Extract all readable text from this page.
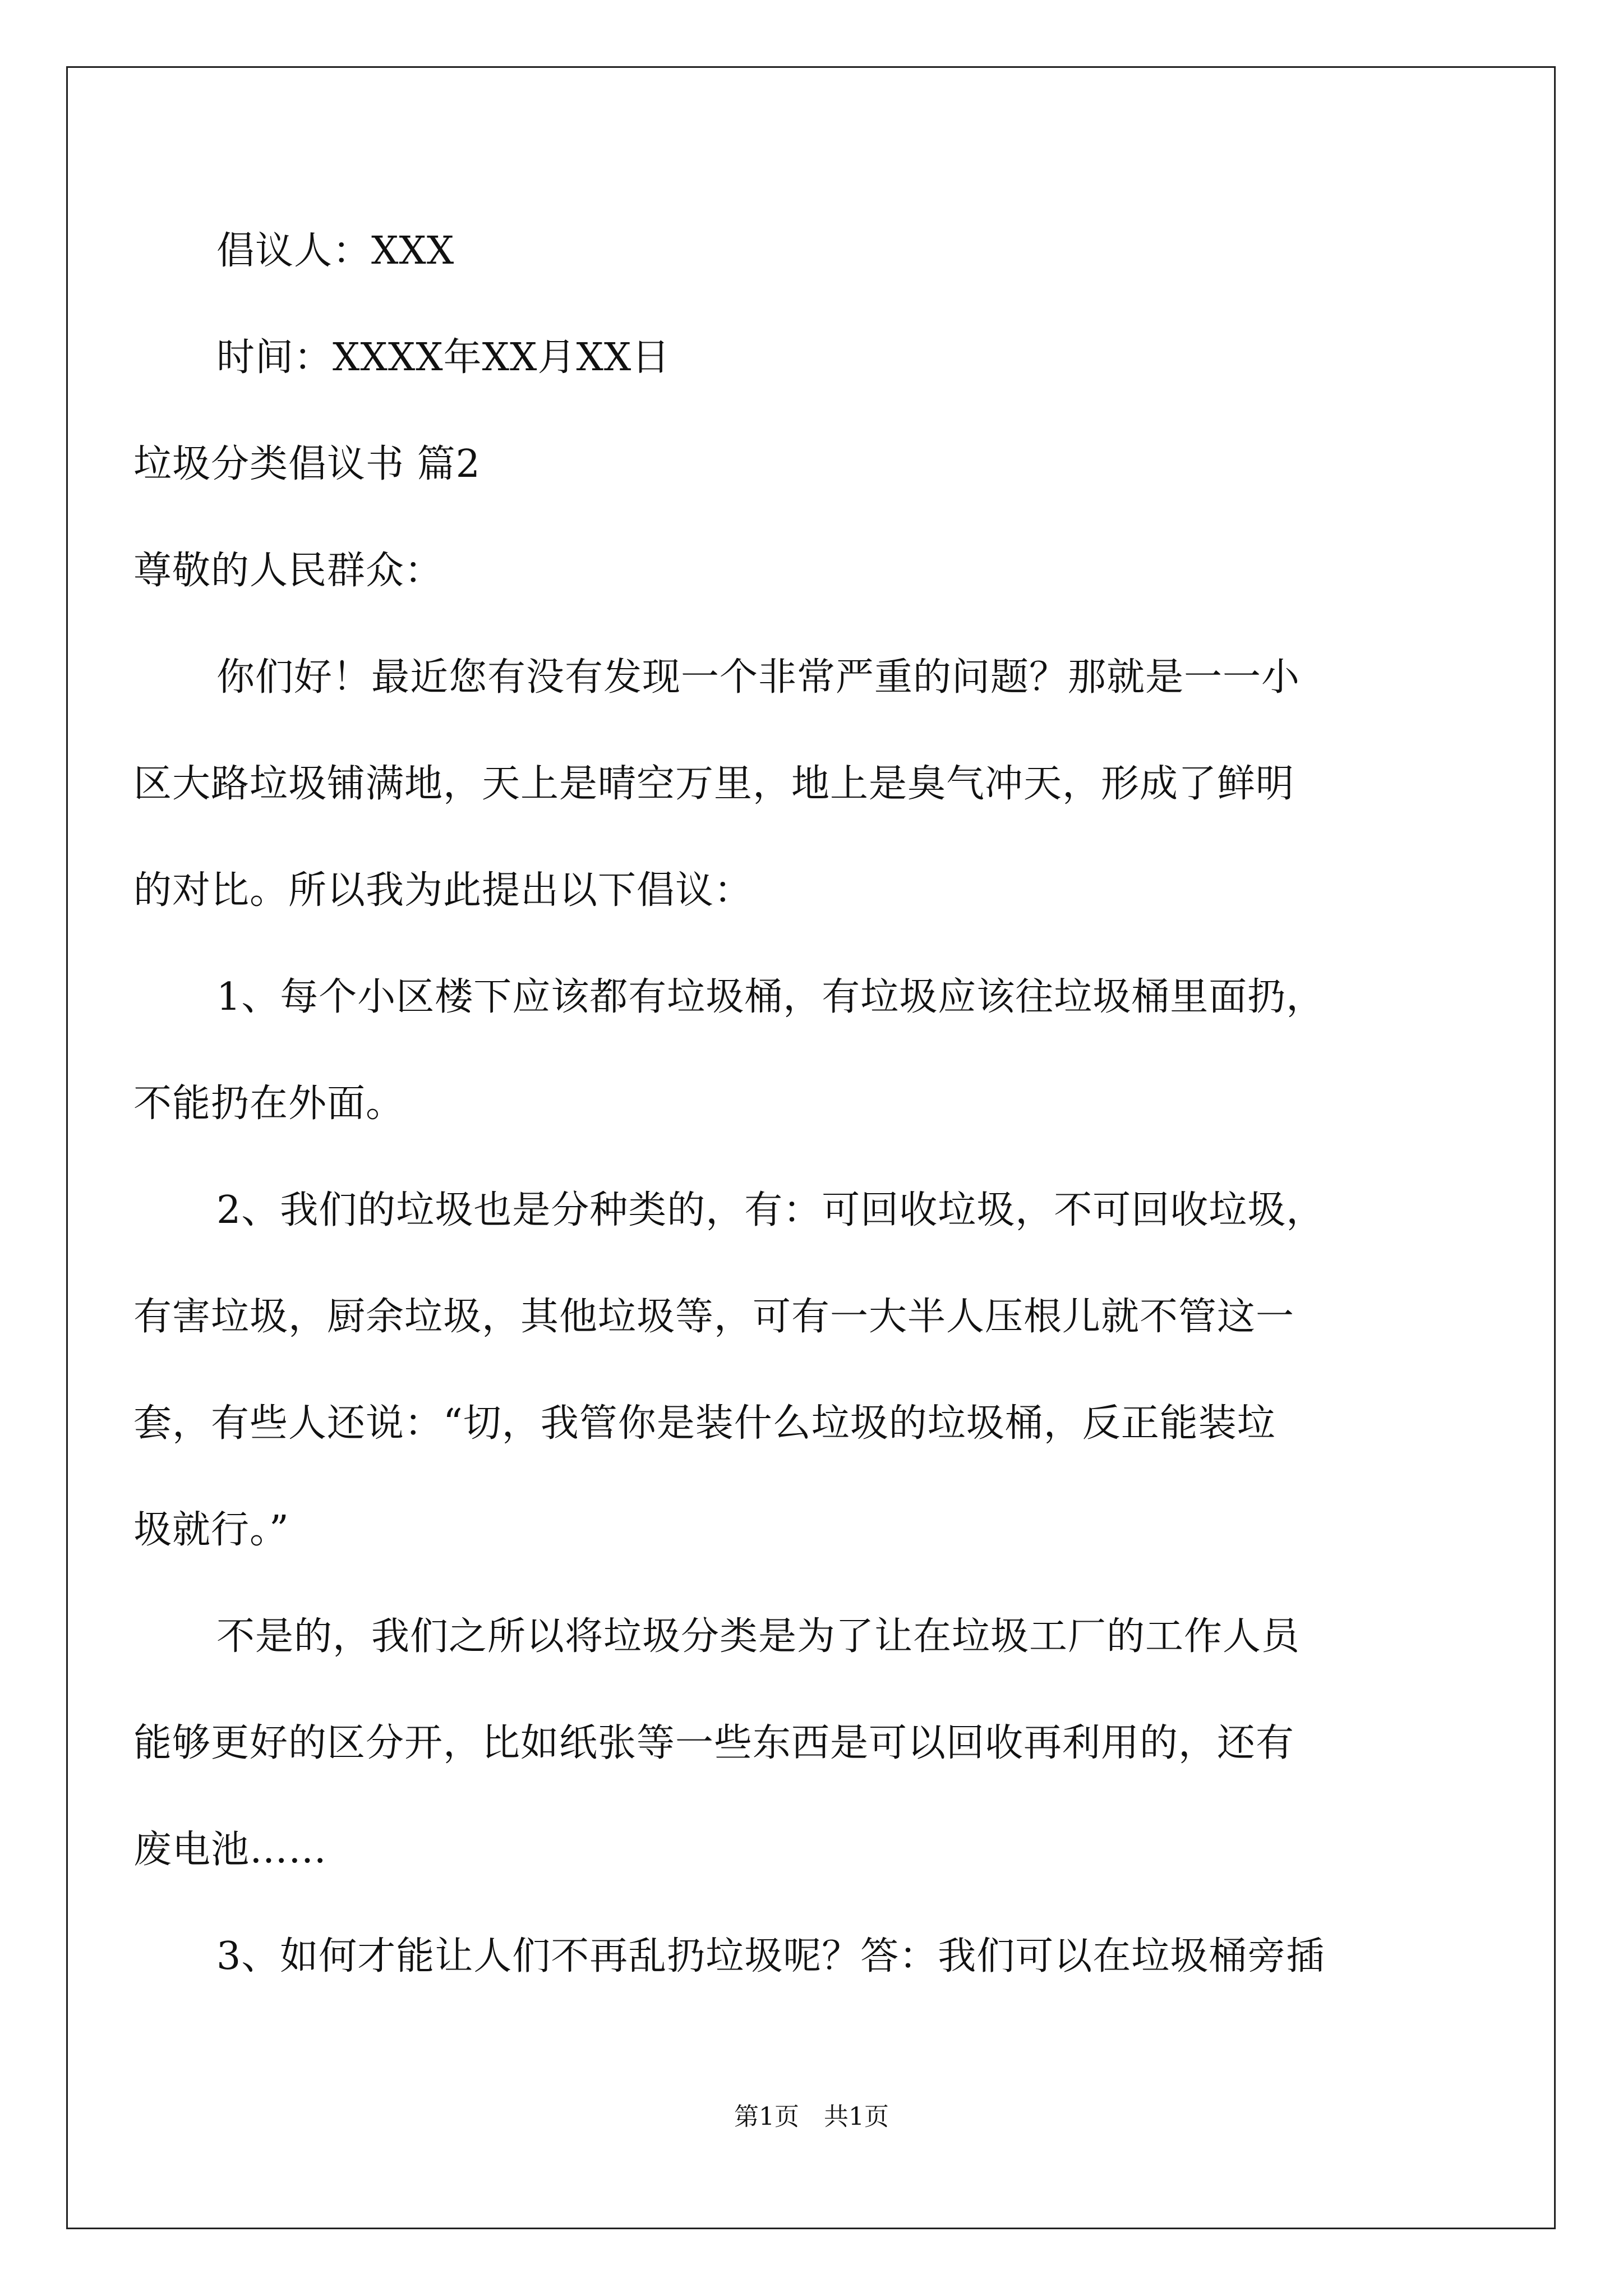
倡议人：XXX
时间：XXXX年XX月XX日
垃圾分类倡议书 篇2
尊敬的人民群众：
你们好！最近您有没有发现一个非常严重的问题？那就是一一小
区大路垃圾铺满地，天上是晴空万里，地上是臭气冲天，形成了鲜明
的对比。所以我为此提出以下倡议：
1、每个小区楼下应该都有垃圾桶，有垃圾应该往垃圾桶里面扔，
不能扔在外面。
2、我们的垃圾也是分种类的，有：可回收垃圾，不可回收垃圾，
有害垃圾，厨余垃圾，其他垃圾等，可有一大半人压根儿就不管这一
套，有些人还说：“切，我管你是装什么垃圾的垃圾桶，反正能装垃
圾就行。”
不是的，我们之所以将垃圾分类是为了让在垃圾工厂的工作人员
能够更好的区分开，比如纸张等一些东西是可以回收再利用的，还有
废电池……
3、如何才能让人们不再乱扔垃圾呢？答：我们可以在垃圾桶旁插
第1页　共1页
